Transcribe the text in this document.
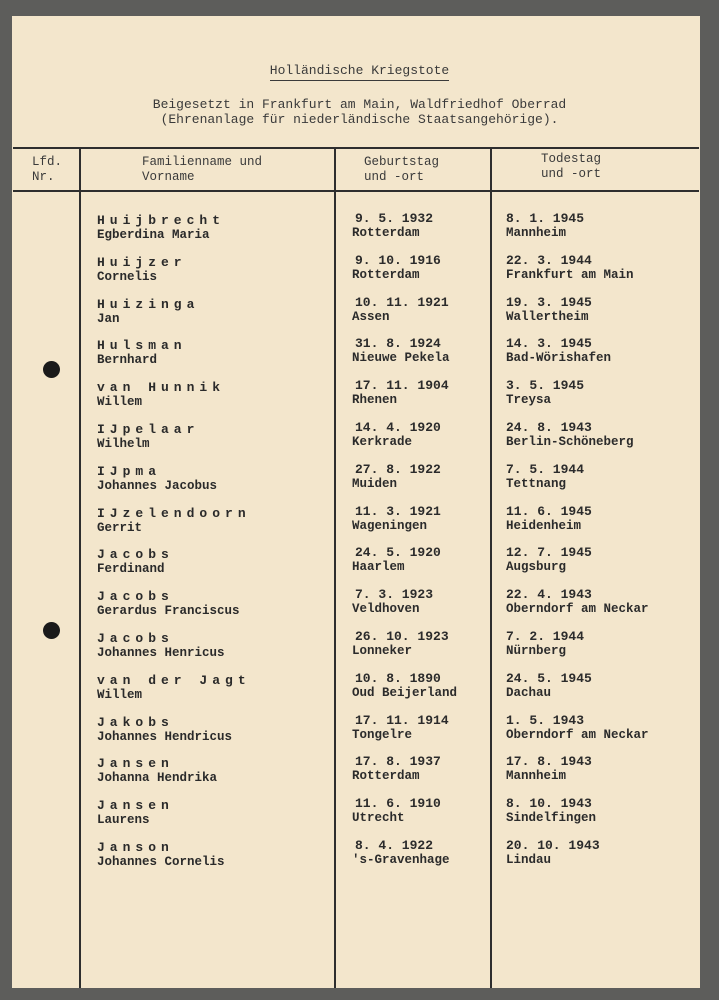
Holländische Kriegstote
Beigesetzt in Frankfurt am Main, Waldfriedhof Oberrad
(Ehrenanlage für niederländische Staatsangehörige).
Lfd.
Nr.
Familienname und
Vorname
Geburtstag
und -ort
Todestag
und -ort
Huijbrecht
Egberdina Maria
9. 5. 1932
Rotterdam
8. 1. 1945
Mannheim
Huijzer
Cornelis
9. 10. 1916
Rotterdam
22. 3. 1944
Frankfurt am Main
Huizinga
Jan
10. 11. 1921
Assen
19. 3. 1945
Wallertheim
Hulsman
Bernhard
31. 8. 1924
Nieuwe Pekela
14. 3. 1945
Bad-Wörishafen
van Hunnik
Willem
17. 11. 1904
Rhenen
3. 5. 1945
Treysa
IJpelaar
Wilhelm
14. 4. 1920
Kerkrade
24. 8. 1943
Berlin-Schöneberg
IJpma
Johannes Jacobus
27. 8. 1922
Muiden
7. 5. 1944
Tettnang
IJzelendoorn
Gerrit
11. 3. 1921
Wageningen
11. 6. 1945
Heidenheim
Jacobs
Ferdinand
24. 5. 1920
Haarlem
12. 7. 1945
Augsburg
Jacobs
Gerardus Franciscus
7. 3. 1923
Veldhoven
22. 4. 1943
Oberndorf am Neckar
Jacobs
Johannes Henricus
26. 10. 1923
Lonneker
7. 2. 1944
Nürnberg
van der Jagt
Willem
10. 8. 1890
Oud Beijerland
24. 5. 1945
Dachau
Jakobs
Johannes Hendricus
17. 11. 1914
Tongelre
1. 5. 1943
Oberndorf am Neckar
Jansen
Johanna Hendrika
17. 8. 1937
Rotterdam
17. 8. 1943
Mannheim
Jansen
Laurens
11. 6. 1910
Utrecht
8. 10. 1943
Sindelfingen
Janson
Johannes Cornelis
8. 4. 1922
's-Gravenhage
20. 10. 1943
Lindau
